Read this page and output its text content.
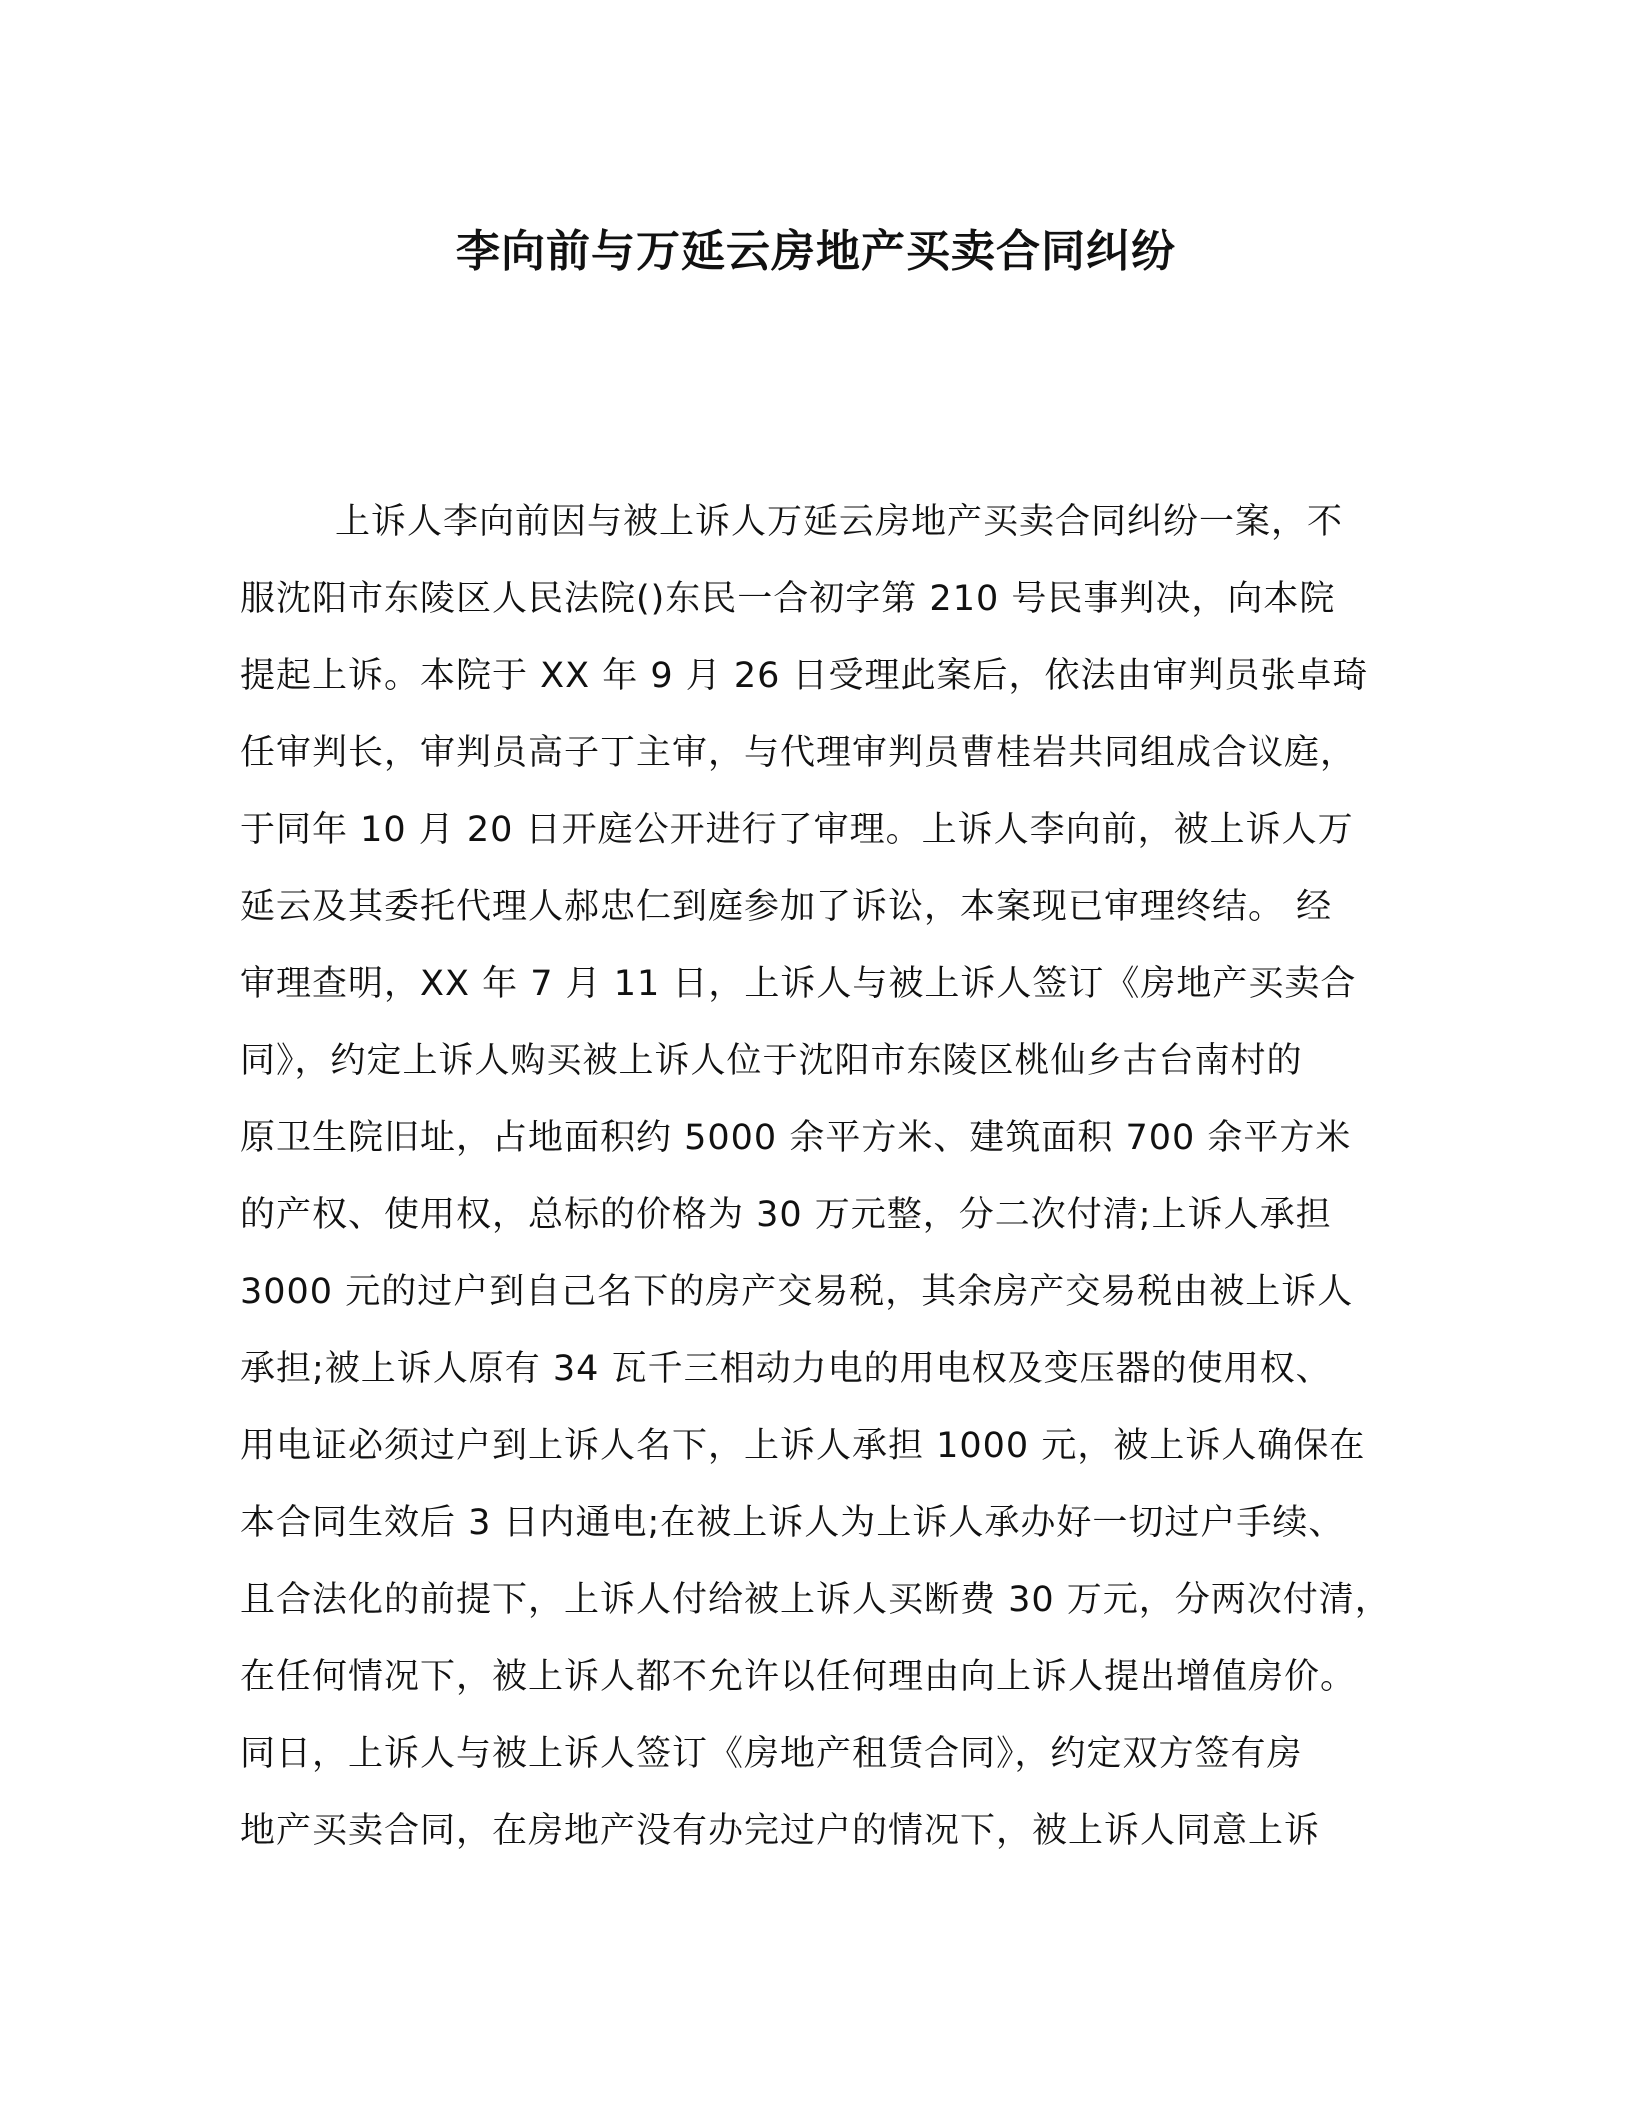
李向前与万延云房地产买卖合同纠纷
上诉人李向前因与被上诉人万延云房地产买卖合同纠纷一案，不
服沈阳市东陵区人民法院()东民一合初字第 210 号民事判决，向本院
提起上诉。本院于 XX 年 9 月 26 日受理此案后，依法由审判员张卓琦
任审判长，审判员高子丁主审，与代理审判员曹桂岩共同组成合议庭，
于同年 10 月 20 日开庭公开进行了审理。上诉人李向前，被上诉人万
延云及其委托代理人郝忠仁到庭参加了诉讼，本案现已审理终结。 经
审理查明，XX 年 7 月 11 日，上诉人与被上诉人签订《房地产买卖合
同》，约定上诉人购买被上诉人位于沈阳市东陵区桃仙乡古台南村的
原卫生院旧址，占地面积约 5000 余平方米、建筑面积 700 余平方米
的产权、使用权，总标的价格为 30 万元整，分二次付清;上诉人承担
3000 元的过户到自己名下的房产交易税，其余房产交易税由被上诉人
承担;被上诉人原有 34 瓦千三相动力电的用电权及变压器的使用权、
用电证必须过户到上诉人名下，上诉人承担 1000 元，被上诉人确保在
本合同生效后 3 日内通电;在被上诉人为上诉人承办好一切过户手续、
且合法化的前提下，上诉人付给被上诉人买断费 30 万元，分两次付清，
在任何情况下，被上诉人都不允许以任何理由向上诉人提出增值房价。
同日，上诉人与被上诉人签订《房地产租赁合同》，约定双方签有房
地产买卖合同，在房地产没有办完过户的情况下，被上诉人同意上诉
